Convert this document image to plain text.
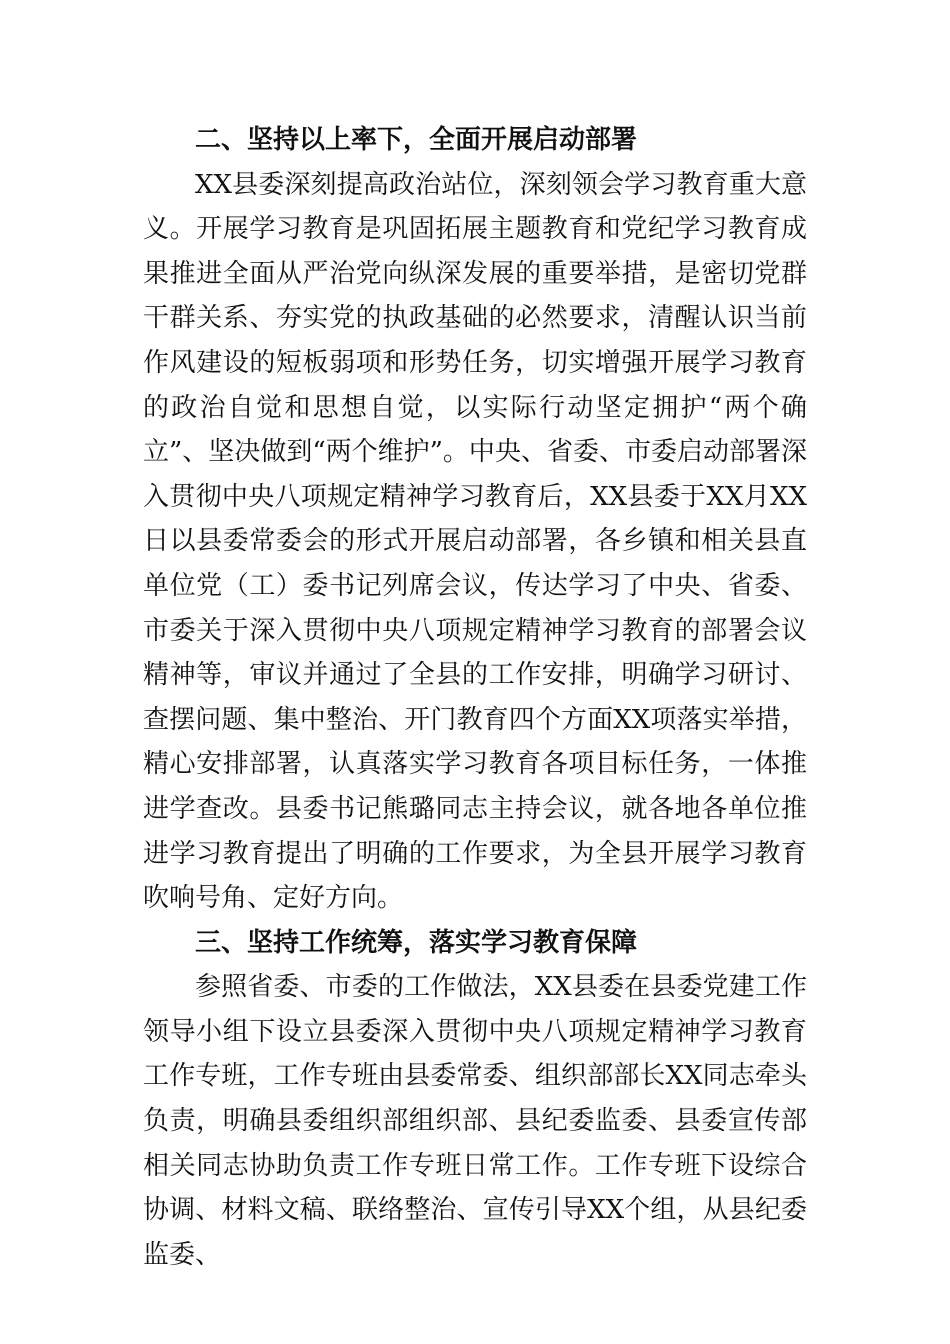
二、坚持以上率下，全面开展启动部署

XX县委深刻提高政治站位，深刻领会学习教育重大意义。开展学习教育是巩固拓展主题教育和党纪学习教育成果推进全面从严治党向纵深发展的重要举措，是密切党群干群关系、夯实党的执政基础的必然要求，清醒认识当前作风建设的短板弱项和形势任务，切实增强开展学习教育的政治自觉和思想自觉，以实际行动坚定拥护“两个确立”、坚决做到“两个维护”。中央、省委、市委启动部署深入贯彻中央八项规定精神学习教育后，XX县委于XX月XX日以县委常委会的形式开展启动部署，各乡镇和相关县直单位党（工）委书记列席会议，传达学习了中央、省委、市委关于深入贯彻中央八项规定精神学习教育的部署会议精神等，审议并通过了全县的工作安排，明确学习研讨、查摆问题、集中整治、开门教育四个方面XX项落实举措，精心安排部署，认真落实学习教育各项目标任务，一体推进学查改。县委书记熊璐同志主持会议，就各地各单位推进学习教育提出了明确的工作要求，为全县开展学习教育吹响号角、定好方向。

三、坚持工作统筹，落实学习教育保障

参照省委、市委的工作做法，XX县委在县委党建工作领导小组下设立县委深入贯彻中央八项规定精神学习教育工作专班，工作专班由县委常委、组织部部长XX同志牵头负责，明确县委组织部组织部、县纪委监委、县委宣传部相关同志协助负责工作专班日常工作。工作专班下设综合协调、材料文稿、联络整治、宣传引导XX个组，从县纪委监委、
